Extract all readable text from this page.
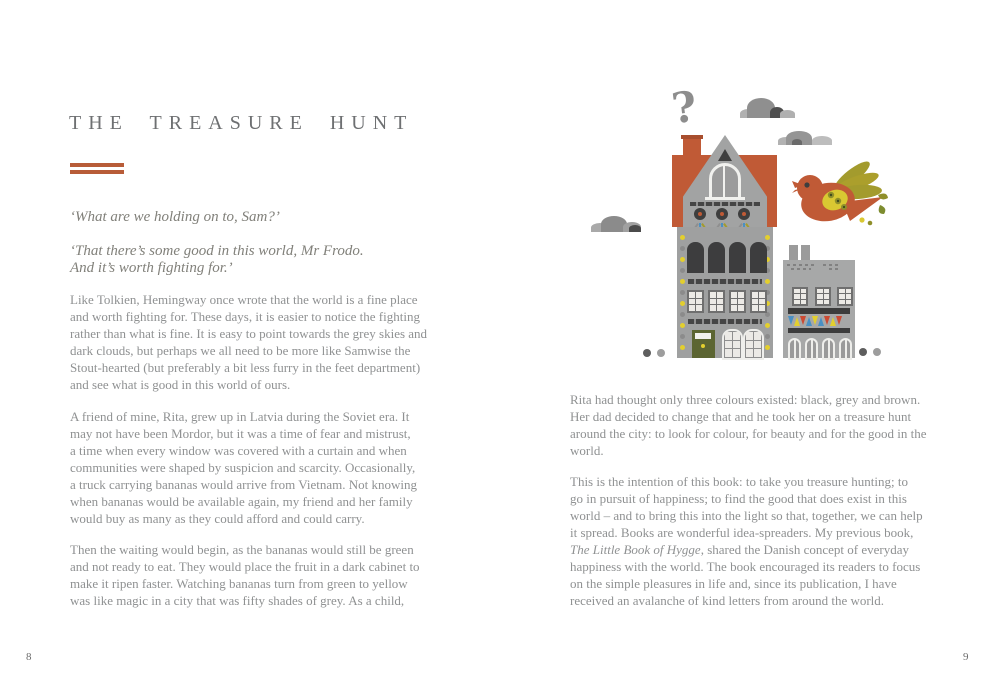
THE TREASURE HUNT
‘What are we holding on to, Sam?’
‘That there’s some good in this world, Mr Frodo.
And it’s worth fighting for.’
Like Tolkien, Hemingway once wrote that the world is a fine place
and worth fighting for. These days, it is easier to notice the fighting
rather than what is fine. It is easy to point towards the grey skies and
dark clouds, but perhaps we all need to be more like Samwise the
Stout-hearted (but preferably a bit less furry in the feet department)
and see what is good in this world of ours.
A friend of mine, Rita, grew up in Latvia during the Soviet era. It
may not have been Mordor, but it was a time of fear and mistrust,
a time when every window was covered with a curtain and when
communities were shaped by suspicion and scarcity. Occasionally,
a truck carrying bananas would arrive from Vietnam. Not knowing
when bananas would be available again, my friend and her family
would buy as many as they could afford and could carry.
Then the waiting would begin, as the bananas would still be green
and not ready to eat. They would place the fruit in a dark cabinet to
make it ripen faster. Watching bananas turn from green to yellow
was like magic in a city that was fifty shades of grey. As a child,
8
?
Rita had thought only three colours existed: black, grey and brown.
Her dad decided to change that and he took her on a treasure hunt
around the city: to look for colour, for beauty and for the good in the
world.
This is the intention of this book: to take you treasure hunting; to
go in pursuit of happiness; to find the good that does exist in this
world – and to bring this into the light so that, together, we can help
it spread. Books are wonderful idea-spreaders. My previous book,
The Little Book of Hygge, shared the Danish concept of everyday
happiness with the world. The book encouraged its readers to focus
on the simple pleasures in life and, since its publication, I have
received an avalanche of kind letters from around the world.
9
